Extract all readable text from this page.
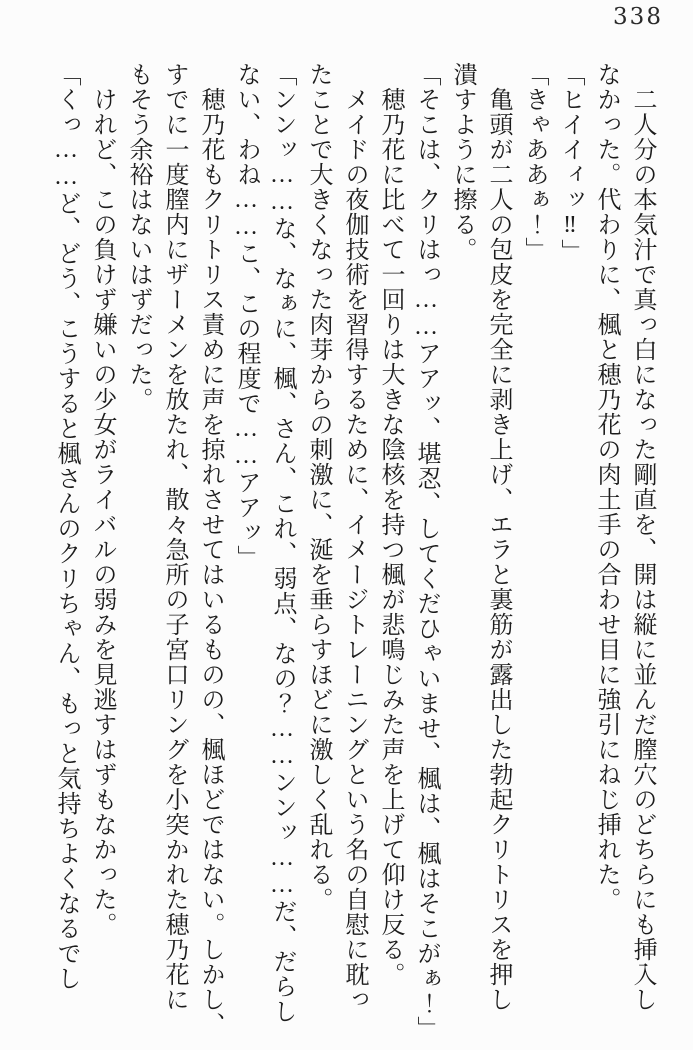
338

二人分の本気汁で真っ白になった剛直を、開は縦に並んだ膣穴のどちらにも挿入し

なかった。代わりに、楓と穂乃花の肉土手の合わせ目に強引にねじ挿れた。

「ヒイイィッ‼」

「きゃああぁ！」

亀頭が二人の包皮を完全に剥き上げ、エラと裏筋が露出した勃起クリトリスを押し

潰すように擦る。

「そこは、クリはっ……アアッ、堪忍、してくだひゃいませ、楓は、楓はそこがぁ！」

穂乃花に比べて一回りは大きな陰核を持つ楓が悲鳴じみた声を上げて仰け反る。

メイドの夜伽技術を習得するために、イメージトレーニングという名の自慰に耽っ

たことで大きくなった肉芽からの刺激に、涎を垂らすほどに激しく乱れる。

「ンンッ……な、なぁに、楓、さん、これ、弱点、なの？……ンンッ……だ、だらし

ない、わね……こ、この程度で……アアッ」

穂乃花もクリトリス責めに声を掠れさせてはいるものの、楓ほどではない。しかし、

すでに一度膣内にザーメンを放たれ、散々急所の子宮口リングを小突かれた穂乃花に

もそう余裕はないはずだった。

けれど、この負けず嫌いの少女がライバルの弱みを見逃すはずもなかった。

「くっ……ど、どう、こうすると楓さんのクリちゃん、もっと気持ちよくなるでし
